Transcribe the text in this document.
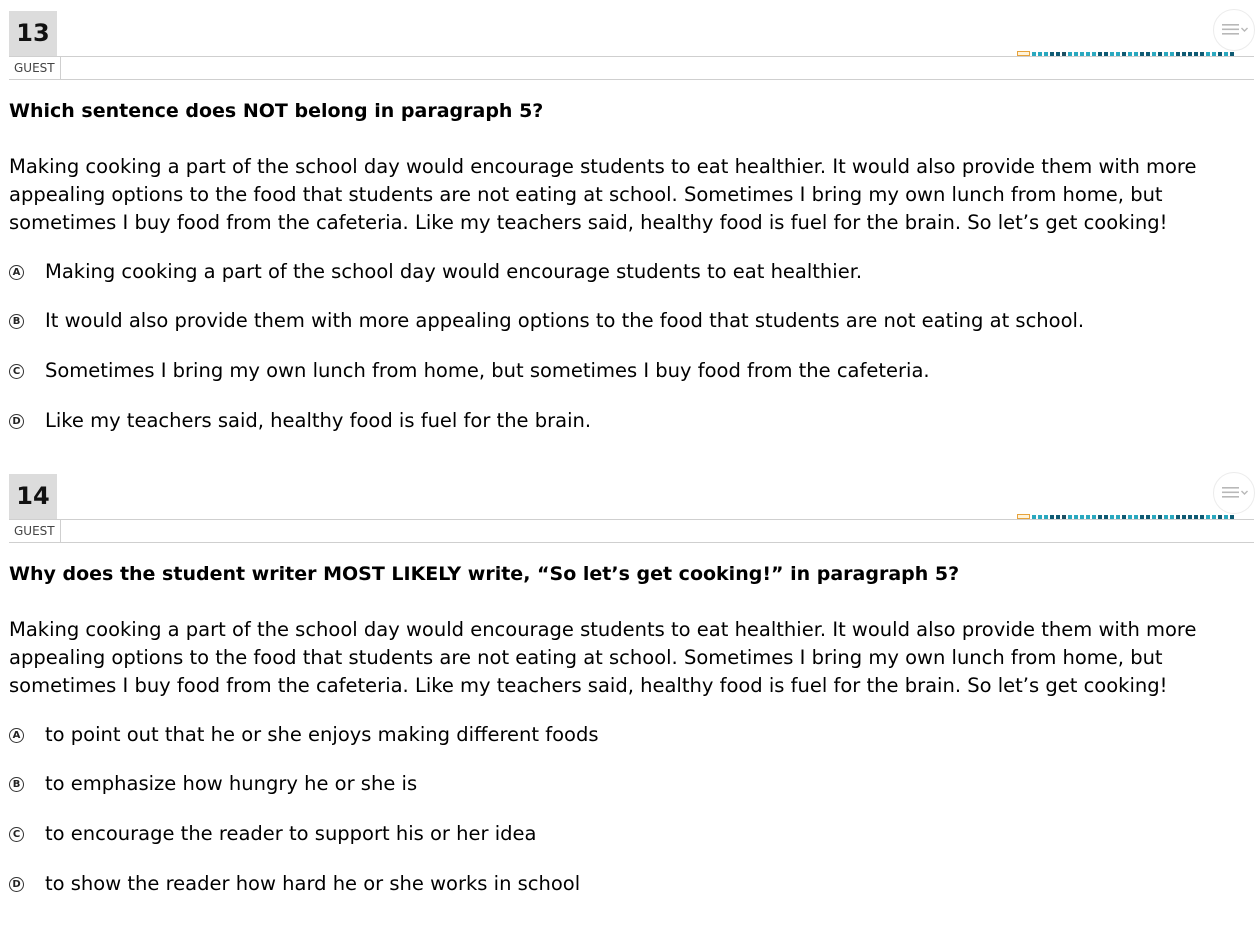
13
GUEST

Which sentence does NOT belong in paragraph 5?

Making cooking a part of the school day would encourage students to eat healthier. It would also provide them with more appealing options to the food that students are not eating at school. Sometimes I bring my own lunch from home, but sometimes I buy food from the cafeteria. Like my teachers said, healthy food is fuel for the brain. So let’s get cooking!

A Making cooking a part of the school day would encourage students to eat healthier.
B It would also provide them with more appealing options to the food that students are not eating at school.
C Sometimes I bring my own lunch from home, but sometimes I buy food from the cafeteria.
D Like my teachers said, healthy food is fuel for the brain.
14
GUEST

Why does the student writer MOST LIKELY write, “So let’s get cooking!” in paragraph 5?

Making cooking a part of the school day would encourage students to eat healthier. It would also provide them with more appealing options to the food that students are not eating at school. Sometimes I bring my own lunch from home, but sometimes I buy food from the cafeteria. Like my teachers said, healthy food is fuel for the brain. So let’s get cooking!

A to point out that he or she enjoys making different foods
B to emphasize how hungry he or she is
C to encourage the reader to support his or her idea
D to show the reader how hard he or she works in school
